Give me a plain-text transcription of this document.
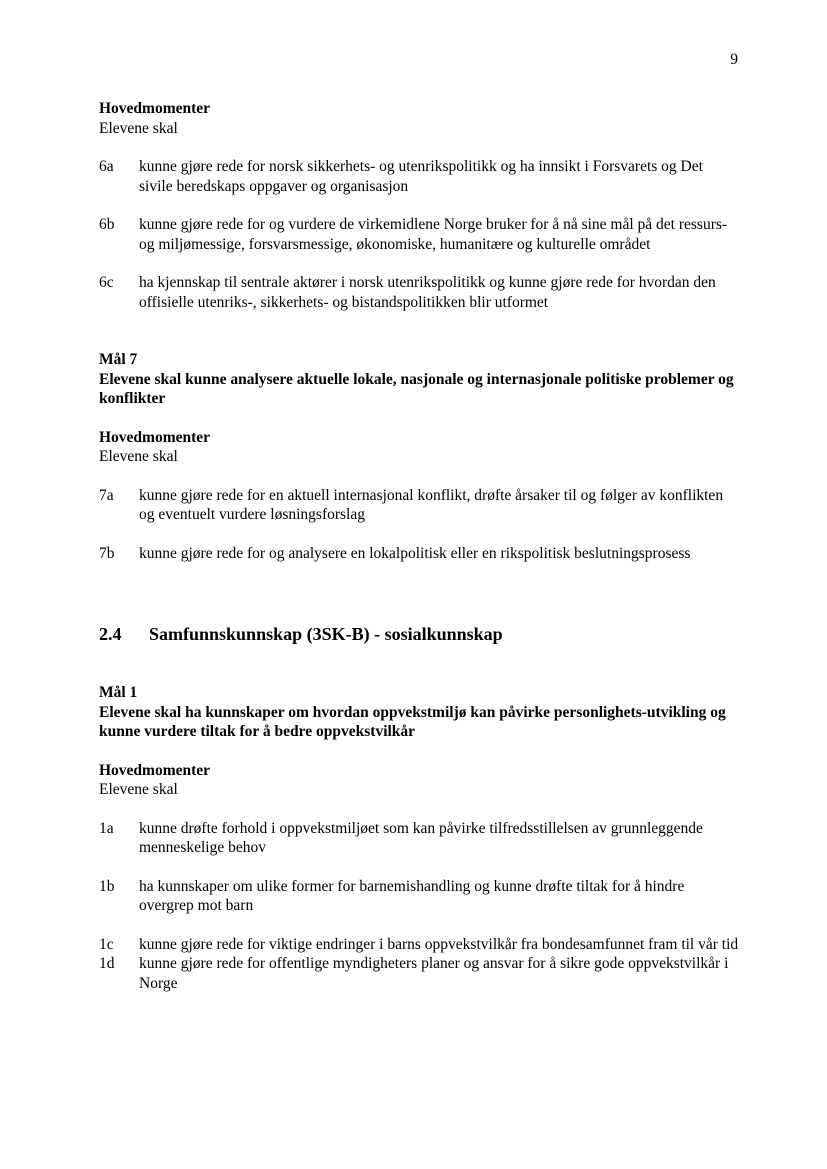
9

Hovedmomenter

Elevene skal

6a	kunne gjøre rede for norsk sikkerhets- og utenrikspolitikk og ha innsikt i Forsvarets og Det sivile beredskaps oppgaver og organisasjon
6b	kunne gjøre rede for og vurdere de virkemidlene Norge bruker for å nå sine mål på det ressurs- og miljømessige, forsvarsmessige, økonomiske, humanitære og kulturelle området
6c	ha kjennskap til sentrale aktører i norsk utenrikspolitikk og kunne gjøre rede for hvordan den offisielle utenriks-, sikkerhets- og bistandspolitikken blir utformet

Mål 7

Elevene skal kunne analysere aktuelle lokale, nasjonale og internasjonale politiske problemer og konflikter

Hovedmomenter

Elevene skal

7a	kunne gjøre rede for en aktuell internasjonal konflikt, drøfte årsaker til og følger av konflikten og eventuelt vurdere løsningsforslag
7b	kunne gjøre rede for og analysere en lokalpolitisk eller en rikspolitisk beslutningsprosess
2.4	Samfunnskunnskap (3SK-B) - sosialkunnskap

Mål 1

Elevene skal ha kunnskaper om hvordan oppvekstmiljø kan påvirke personlighets-utvikling og kunne vurdere tiltak for å bedre oppvekstvilkår

Hovedmomenter

Elevene skal

1a	kunne drøfte forhold i oppvekstmiljøet som kan påvirke tilfredsstillelsen av grunnleggende menneskelige behov
1b	ha kunnskaper om ulike former for barnemishandling og kunne drøfte tiltak for å hindre overgrep mot barn
1c	kunne gjøre rede for viktige endringer i barns oppvekstvilkår fra bondesamfunnet fram til vår tid
1d	kunne gjøre rede for offentlige myndigheters planer og ansvar for å sikre gode oppvekstvilkår i Norge
